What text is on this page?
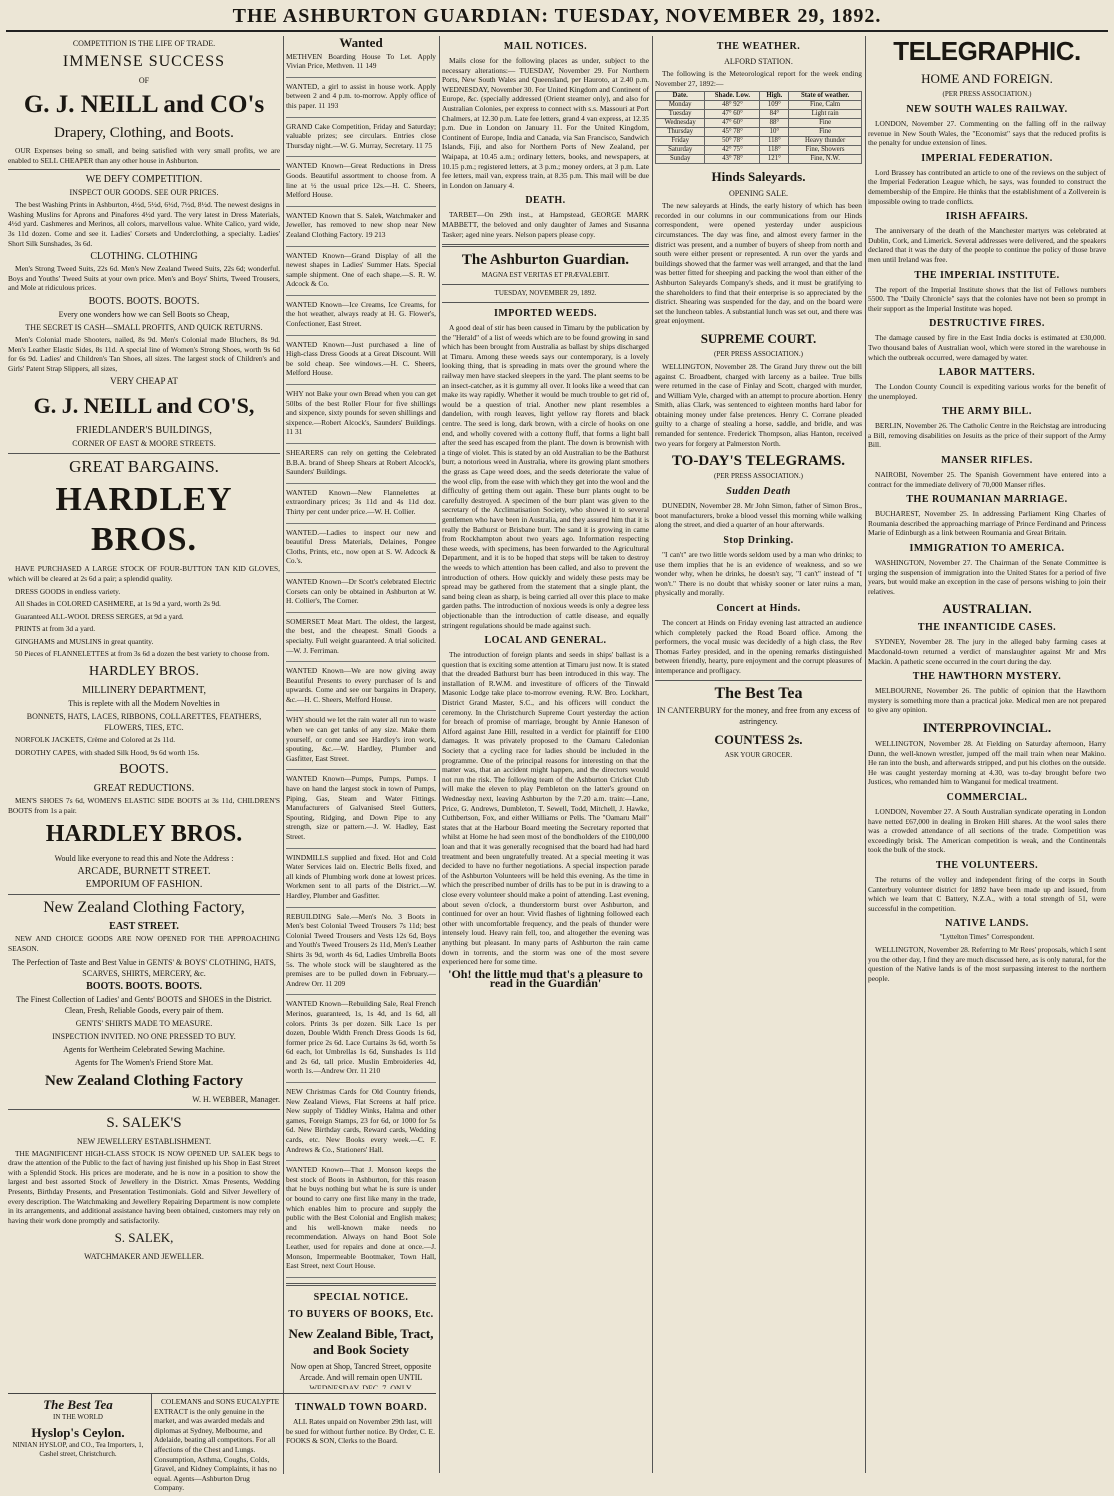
THE ASHBURTON GUARDIAN: TUESDAY, NOVEMBER 29, 1892.
COMPETITION IS THE LIFE OF TRADE.
IMMENSE SUCCESS
OF
G. J. NEILL and CO's
Drapery, Clothing, and Boots.

OUR Expenses being so small, and being satisfied with very small profits, we are enabled to SELL CHEAPER than any other house in Ashburton.

WE DEFY COMPETITION.
INSPECT OUR GOODS. SEE OUR PRICES.

The best Washing Prints in Ashburton, 4½d, 5½d, 6½d, 7½d, 8½d. The newest designs in Washing Muslins for Aprons and Pinafores 4½d yard. The very latest in Dress Materials, 4½d yard. Cashmeres and Merinos, all colors, marvellous value. White Calico, yard wide, 3s 11d dozen. Come and see it. Ladies' Corsets and Underclothing, a specialty. Ladies' Short Silk Sunshades, 3s 6d.

CLOTHING. CLOTHING

Men's Strong Tweed Suits, 22s 6d. Men's New Zealand Tweed Suits, 22s 6d; wonderful. Boys and Youths' Tweed Suits at your own price. Men's and Boys' Shirts, Tweed Trousers, and Mole at ridiculous prices.

BOOTS. BOOTS. BOOTS.
Every one wonders how we can Sell Boots so Cheap,
THE SECRET IS CASH—SMALL PROFITS, AND QUICK RETURNS.

Men's Colonial made Shooters, nailed, 8s 9d. Men's Colonial made Bluchers, 8s 9d. Men's Leather Elastic Sides, 8s 11d. A special line of Women's Strong Shoes, worth 9s 6d for 6s 9d. Ladies' and Children's Tan Shoes, all sizes. The largest stock of Children's and Girls' Patent Strap Slippers, all sizes,

VERY CHEAP AT
G. J. NEILL and CO'S,
FRIEDLANDER'S BUILDINGS,
CORNER OF EAST & MOORE STREETS.
GREAT BARGAINS.
HARDLEY BROS.

HAVE PURCHASED A LARGE STOCK OF FOUR-BUTTON TAN KID GLOVES, which will be cleared at 2s 6d a pair; a splendid quality.

DRESS GOODS in endless variety.

All Shades in COLORED CASHMERE, at 1s 9d a yard, worth 2s 9d.

Guaranteed ALL-WOOL DRESS SERGES, at 9d a yard.

PRINTS at from 3d a yard.

GINGHAMS and MUSLINS in great quantity.

50 Pieces of FLANNELETTES at from 3s 6d a dozen the best variety to choose from.

HARDLEY BROS.
MILLINERY DEPARTMENT,
This is replete with all the Modern Novelties in
BONNETS, HATS, LACES, RIBBONS, COLLARETTES, FEATHERS, FLOWERS, TIES, ETC.

NORFOLK JACKETS, Crème and Colored at 2s 11d.

DOROTHY CAPES, with shaded Silk Hood, 9s 6d worth 15s.

BOOTS.
GREAT REDUCTIONS.

MEN'S SHOES 7s 6d, WOMEN'S ELASTIC SIDE BOOTS at 3s 11d, CHILDREN'S BOOTS from 1s a pair.

HARDLEY BROS.
Would like everyone to read this and Note the Address :
ARCADE, BURNETT STREET.
EMPORIUM OF FASHION.
New Zealand Clothing Factory,
EAST STREET.

NEW AND CHOICE GOODS ARE NOW OPENED FOR THE APPROACHING SEASON.

The Perfection of Taste and Best Value in GENTS' & BOYS' CLOTHING, HATS, SCARVES, SHIRTS, MERCERY, &c.
BOOTS. BOOTS. BOOTS.
The Finest Collection of Ladies' and Gents' BOOTS and SHOES in the District. Clean, Fresh, Reliable Goods, every pair of them.
GENTS' SHIRTS MADE TO MEASURE.
INSPECTION INVITED. NO ONE PRESSED TO BUY.
Agents for Wertheim Celebrated Sewing Machine.
Agents for The Women's Friend Store Mat.
New Zealand Clothing Factory
W. H. WEBBER, Manager.
S. SALEK'S
NEW JEWELLERY ESTABLISHMENT.

THE MAGNIFICENT HIGH-CLASS STOCK IS NOW OPENED UP. SALEK begs to draw the attention of the Public to the fact of having just finished up his Shop in East Street with a Splendid Stock. His prices are moderate, and he is now in a position to show the largest and best assorted Stock of Jewellery in the District. Xmas Presents, Wedding Presents, Birthday Presents, and Presentation Testimonials. Gold and Silver Jewellery of every description. The Watchmaking and Jewellery Repairing Department is now complete in its arrangements, and additional assistance having been obtained, customers may rely on having their work done promptly and satisfactorily.

S. SALEK,
WATCHMAKER AND JEWELLER.
Wanted

METHVEN Boarding House To Let. Apply Vivian Price, Methven. 11 149

WANTED, a girl to assist in house work. Apply between 2 and 4 p.m. to-morrow. Apply office of this paper. 11 193

GRAND Cake Competition, Friday and Saturday; valuable prizes; see circulars. Entries close Thursday night.—W. G. Murray, Secretary. 11 75

WANTED Known—Great Reductions in Dress Goods. Beautiful assortment to choose from. A line at ½ the usual price 12s.—H. C. Sheers, Melford House.

WANTED Known that S. Salek, Watchmaker and Jeweller, has removed to new shop near New Zealand Clothing Factory. 19 213

WANTED Known—Grand Display of all the newest shapes in Ladies' Summer Hats. Special sample shipment. One of each shape.—S. R. W. Adcock & Co.

WANTED Known—Ice Creams, Ice Creams, for the hot weather, always ready at H. G. Flower's, Confectioner, East Street.

WANTED Known—Just purchased a line of High-class Dress Goods at a Great Discount. Will be sold cheap. See windows.—H. C. Sheers, Melford House.

WHY not Bake your own Bread when you can get 50lbs of the best Roller Flour for five shillings and sixpence, sixty pounds for seven shillings and sixpence.—Robert Alcock's, Saunders' Buildings. 11 31

SHEARERS can rely on getting the Celebrated B.B.A. brand of Sheep Shears at Robert Alcock's, Saunders' Buildings.

WANTED Known—New Flannelettes at extraordinary prices; 3s 11d and 4s 11d doz. Thirty per cent under price.—W. H. Collier.

WANTED.—Ladies to inspect our new and beautiful Dress Materials, Delaines, Pongee Cloths, Prints, etc., now open at S. W. Adcock & Co.'s.

WANTED Known—Dr Scott's celebrated Electric Corsets can only be obtained in Ashburton at W. H. Collier's, The Corner.

SOMERSET Meat Mart. The oldest, the largest, the best, and the cheapest. Small Goods a specialty. Full weight guaranteed. A trial solicited.—W. J. Ferriman.

WANTED Known—We are now giving away Beautiful Presents to every purchaser of ls and upwards. Come and see our bargains in Drapery, &c.—H. C. Sheers, Melford House.

WHY should we let the rain water all run to waste when we can get tanks of any size. Make them yourself, or come and see Hardley's iron work, spouting, &c.—W. Hardley, Plumber and Gasfitter, East Street.

WANTED Known—Pumps, Pumps, Pumps. I have on hand the largest stock in town of Pumps, Piping, Gas, Steam and Water Fittings. Manufacturers of Galvanised Steel Gutters, Spouting, Ridging, and Down Pipe to any strength, size or pattern.—J. W. Hadley, East Street.

WINDMILLS supplied and fixed. Hot and Cold Water Services laid on. Electric Bells fixed, and all kinds of Plumbing work done at lowest prices. Workmen sent to all parts of the District.—W. Hardley, Plumber and Gasfitter.

REBUILDING Sale.—Men's No. 3 Boots in Men's best Colonial Tweed Trousers 7s 11d; best Colonial Tweed Trousers and Vests 12s 6d, Boys and Youth's Tweed Trousers 2s 11d, Men's Leather Shirts 3s 9d, worth 4s 6d, Ladies Umbrella Boots 5s. The whole stock will be slaughtered as the premises are to be pulled down in February.—Andrew Orr. 11 209

WANTED Known—Rebuilding Sale, Real French Merinos, guaranteed, 1s, 1s 4d, and 1s 6d, all colors. Prints 3s per dozen. Silk Lace 1s per dozen, Double Width French Dress Goods 1s 6d, former price 2s 6d. Lace Curtains 3s 6d, worth 5s 6d each, lot Umbrellas 1s 6d, Sunshades 1s 11d and 2s 6d, tall price. Muslin Embroideries 4d, worth 1s.—Andrew Orr. 11 210

NEW Christmas Cards for Old Country friends, New Zealand Views, Flat Screens at half price. New supply of Tiddley Winks, Halma and other games, Foreign Stamps, 23 for 6d, or 1000 for 5s 6d. New Birthday cards, Reward cards, Wedding cards, etc. New Books every week.—C. F. Andrews & Co., Stationers' Hall.

WANTED Known—That J. Monson keeps the best stock of Boots in Ashburton, for this reason that he buys nothing but what he is sure is under or bound to carry one first like many in the trade, which enables him to procure and supply the public with the Best Colonial and English makes; and his well-known make needs no recommendation. Always on hand Boot Sole Leather, used for repairs and done at once.—J. Monson, Impermeable Bootmaker, Town Hall, East Street, next Court House.

SPECIAL NOTICE.
TO BUYERS OF BOOKS, Etc.
New Zealand Bible, Tract, and Book Society
Now open at Shop, Tancred Street, opposite Arcade. And will remain open UNTIL WEDNESDAY, DEC. 7, ONLY.

WITH a large and well-assorted Stock of

MAIL NOTICES.

Mails close for the following places as under, subject to the necessary alterations:— TUESDAY, November 29. For Northern Ports, New South Wales and Queensland, per Hauroto, at 2.40 p.m. WEDNESDAY, November 30. For United Kingdom and Continent of Europe, &c. (specially addressed (Orient steamer only), and also for Australian Colonies, per express to connect with s.s. Massouri at Port Chalmers, at 12.30 p.m. Late fee letters, grand 4 van express, at 12.35 p.m. Due in London on January 11. For the United Kingdom, Continent of Europe, India and Canada, via San Francisco, Sandwich Islands, Fiji, and also for Northern Ports of New Zealand, per Waipapa, at 10.45 a.m.; ordinary letters, books, and newspapers, at 10.15 p.m.; registered letters, at 3 p.m.; money orders, at 3 p.m. Late fee letters, mail van, express train, at 8.35 p.m. This mail will be due in London on January 4.

DEATH.

TARBET—On 29th inst., at Hampstead, GEORGE MARK MABBETT, the beloved and only daughter of James and Susanna Tasker; aged nine years. Nelson papers please copy.

The Ashburton Guardian.
MAGNA EST VERITAS ET PRÆVALEBIT.
TUESDAY, NOVEMBER 29, 1892.
IMPORTED WEEDS.

A good deal of stir has been caused in Timaru by the publication by the "Herald" of a list of weeds which are to be found growing in sand which has been brought from Australia as ballast by ships discharged at Timaru. Among these weeds says our contemporary, is a lovely looking thing, that is spreading in mats over the ground where the railway men have stacked sleepers in the yard. The plant seems to be an insect-catcher, as it is gummy all over. It looks like a weed that can make its way rapidly. Whether it would be much trouble to get rid of, would be a question of trial. Another new plant resembles a dandelion, with rough leaves, light yellow ray florets and black centre. The seed is long, dark brown, with a circle of hooks on one end, and wholly covered with a cottony fluff, that forms a light ball after the seed has escaped from the plant. The down is brownish with a tinge of violet. This is stated by an old Australian to be the Bathurst burr, a notorious weed in Australia, where its growing plant smothers the grass as Cape weed does, and the seeds deteriorate the value of the wool clip, from the ease with which they get into the wool and the difficulty of getting them out again. These burr plants ought to be carefully destroyed. A specimen of the burr plant was given to the secretary of the Acclimatisation Society, who showed it to several gentlemen who have been in Australia, and they assured him that it is really the Bathurst or Brisbane burr. The sand it is growing in came from Rockhampton about two years ago. Information respecting these weeds, with specimens, has been forwarded to the Agricultural Department, and it is to be hoped that steps will be taken to destroy the weeds to which attention has been called, and also to prevent the introduction of others. How quickly and widely these pests may be spread may be gathered from the statement that a single plant, the sand being clean as sharp, is being carried all over this place to make garden paths. The introduction of noxious weeds is only a degree less objectionable than the introduction of cattle disease, and equally stringent regulations should be made against such.

LOCAL AND GENERAL.

The introduction of foreign plants and seeds in ships' ballast is a question that is exciting some attention at Timaru just now. It is stated that the dreaded Bathurst burr has been introduced in this way. The installation of R.W.M. and investiture of officers of the Tinwald Masonic Lodge take place to-morrow evening. R.W. Bro. Lockhart, District Grand Master, S.C., and his officers will conduct the ceremony. In the Christchurch Supreme Court yesterday the action for breach of promise of marriage, brought by Annie Haneson of Alford against Jane Hill, resulted in a verdict for plaintiff for £100 damages. It was privately proposed to the Oamaru Caledonian Society that a cycling race for ladies should be included in the programme. One of the principal reasons for interesting on that the matter was, that an accident might happen, and the directors would not run the risk. The following team of the Ashburton Cricket Club will make the eleven to play Pembleton on the latter's ground on Wednesday next, leaving Ashburton by the 7.20 a.m. train:—Lane, Price, G. Andrews, Dumbleton, T. Sewell, Todd, Mitchell, J. Hawke, Cuthbertson, Fox, and either Williams or Pells. The "Oamaru Mail" states that at the Harbour Board meeting the Secretary reported that whilst at Home he had seen most of the bondholders of the £100,000 loan and that it was generally recognised that the board had had hard treatment and been ungratefully treated. At a special meeting it was decided to have no further negotiations. A special inspection parade of the Ashburton Volunteers will be held this evening. As the time in which the prescribed number of drills has to be put in is drawing to a close every volunteer should make a point of attending. Last evening, about seven o'clock, a thunderstorm burst over Ashburton, and continued for over an hour. Vivid flashes of lightning followed each other with uncomfortable frequency, and the peals of thunder were intensely loud. Heavy rain fell, too, and altogether the evening was anything but pleasant. In many parts of Ashburton the rain came down in torrents, and the storm was one of the most severe experienced here for some time.

'Oh! the little mud that's a pleasure to read in the Guardian'
THE WEATHER.
ALFORD STATION.

The following is the Meteorological report for the week ending November 27, 1892:—

Date.	Shade. Low.	High.	State of weather.
Monday	48° 92°	109°	Fine, Calm
Tuesday	47° 60°	84°	Light rain
Wednesday	47° 60°	88°	Fine
Thursday	45° 78°	10°	Fine
Friday	50° 78°	118°	Heavy thunder
Saturday	42° 75°	118°	Fine, Showers
Sunday	43° 78°	121°	Fine, N.W.
Hinds Saleyards.
OPENING SALE.

The new saleyards at Hinds, the early history of which has been recorded in our columns in our communications from our Hinds correspondent, were opened yesterday under auspicious circumstances. The day was fine, and almost every farmer in the district was present, and a number of buyers of sheep from north and south were either present or represented. A run over the yards and buildings showed that the farmer was well arranged, and that the land was better fitted for sheeping and packing the wool than either of the Ashburton Saleyards Company's sheds, and it must be gratifying to the shareholders to find that their enterprise is so appreciated by the district. Shearing was suspended for the day, and on the board were set the luncheon tables. A substantial lunch was set out, and there was great enjoyment.

SUPREME COURT.
(PER PRESS ASSOCIATION.)

WELLINGTON, November 28. The Grand Jury threw out the bill against C. Broadbent, charged with larceny as a bailee. True bills were returned in the case of Finlay and Scott, charged with murder, and William Vyle, charged with an attempt to procure abortion. Henry Smith, alias Clark, was sentenced to eighteen months hard labor for obtaining money under false pretences. Henry C. Corrane pleaded guilty to a charge of stealing a horse, saddle, and bridle, and was remanded for sentence. Frederick Thompson, alias Hanton, received two years for forgery at Palmerston North.

TO-DAY'S TELEGRAMS.
(PER PRESS ASSOCIATION.)
Sudden Death

DUNEDIN, November 28. Mr John Simon, father of Simon Bros., boot manufacturers, broke a blood vessel this morning while walking along the street, and died a quarter of an hour afterwards.

Stop Drinking.

"I can't" are two little words seldom used by a man who drinks; to use them implies that he is an evidence of weakness, and so we wonder why, when he drinks, he doesn't say, "I can't" instead of "I won't." There is no doubt that whisky sooner or later ruins a man, physically and morally.

Concert at Hinds.

The concert at Hinds on Friday evening last attracted an audience which completely packed the Road Board office. Among the performers, the vocal music was decidedly of a high class, the Rev Thomas Farley presided, and in the opening remarks distinguished between friendly, hearty, pure enjoyment and the corrupt pleasures of intemperance and profligacy.

The Best Tea
IN CANTERBURY for the money, and free from any excess of astringency.
COUNTESS 2s.
ASK YOUR GROCER.
TELEGRAPHIC.
HOME AND FOREIGN.
(PER PRESS ASSOCIATION.)
NEW SOUTH WALES RAILWAY.

LONDON, November 27. Commenting on the falling off in the railway revenue in New South Wales, the "Economist" says that the reduced profits is the penalty for undue extension of lines.

IMPERIAL FEDERATION.

Lord Brassey has contributed an article to one of the reviews on the subject of the Imperial Federation League which, he says, was founded to construct the demembership of the Empire. He thinks that the establishment of a Zollverein is impossible owing to trade conflicts.

IRISH AFFAIRS.

The anniversary of the death of the Manchester martyrs was celebrated at Dublin, Cork, and Limerick. Several addresses were delivered, and the speakers declared that it was the duty of the people to continue the policy of those brave men until Ireland was free.

THE IMPERIAL INSTITUTE.

The report of the Imperial Institute shows that the list of Fellows numbers 5500. The "Daily Chronicle" says that the colonies have not been so prompt in their support as the Imperial Institute was hoped.

DESTRUCTIVE FIRES.

The damage caused by fire in the East India docks is estimated at £30,000. Two thousand bales of Australian wool, which were stored in the warehouse in which the outbreak occurred, were damaged by water.

LABOR MATTERS.

The London County Council is expediting various works for the benefit of the unemployed.

THE ARMY BILL.

BERLIN, November 26. The Catholic Centre in the Reichstag are introducing a Bill, removing disabilities on Jesuits as the price of their support of the Army Bill.

MANSER RIFLES.

NAIROBI, November 25. The Spanish Government have entered into a contract for the immediate delivery of 70,000 Manser rifles.

THE ROUMANIAN MARRIAGE.

BUCHAREST, November 25. In addressing Parliament King Charles of Roumania described the approaching marriage of Prince Ferdinand and Princess Marie of Edinburgh as a link between Roumania and Great Britain.

IMMIGRATION TO AMERICA.

WASHINGTON, November 27. The Chairman of the Senate Committee is urging the suspension of immigration into the United States for a period of five years, but would make an exception in the case of persons wishing to join their relatives.

AUSTRALIAN.
THE INFANTICIDE CASES.

SYDNEY, November 28. The jury in the alleged baby farming cases at Macdonald-town returned a verdict of manslaughter against Mr and Mrs Mackin. A pathetic scene occurred in the court during the day.

THE HAWTHORN MYSTERY.

MELBOURNE, November 26. The public of opinion that the Hawthorn mystery is something more than a practical joke. Medical men are not prepared to give any opinion.

INTERPROVINCIAL.

WELLINGTON, November 28. At Fielding on Saturday afternoon, Harry Dunn, the well-known wrestler, jumped off the mail train when near Makino. He ran into the bush, and afterwards stripped, and put his clothes on the outside. He was caught yesterday morning at 4.30, was to-day brought before two Justices, who remanded him to Wanganui for medical treatment.

COMMERCIAL.

LONDON, November 27. A South Australian syndicate operating in London have netted £67,000 in dealing in Broken Hill shares. At the wool sales there was a crowded attendance of all sections of the trade. Competition was exceedingly brisk. The American competition is weak, and the Continentals took the bulk of the stock.

THE VOLUNTEERS.

The returns of the volley and independent firing of the corps in South Canterbury volunteer district for 1892 have been made up and issued, from which we learn that C Battery, N.Z.A., with a total strength of 51, were successful in the competition.

NATIVE LANDS.
"Lyttelton Times" Correspondent.

WELLINGTON, November 28. Referring to Mr Rees' proposals, which I sent you the other day, I find they are much discussed here, as is only natural, for the question of the Native lands is of the most surpassing interest to the northern people.

The Best Tea
IN THE WORLD
Hyslop's Ceylon.
NINIAN HYSLOP, and CO., Tea Importers, 1, Cashel street, Christchurch.

COLEMANS and SONS EUCALYPTE EXTRACT is the only genuine in the market, and was awarded medals and diplomas at Sydney, Melbourne, and Adelaide, beating all competitors. For all affections of the Chest and Lungs. Consumption, Asthma, Coughs, Colds, Gravel, and Kidney Complaints, it has no equal. Agents—Ashburton Drug Company.

TINWALD TOWN BOARD.

ALL Rates unpaid on November 29th last, will be sued for without further notice. By Order, C. E. FOOKS & SON, Clerks to the Board.
